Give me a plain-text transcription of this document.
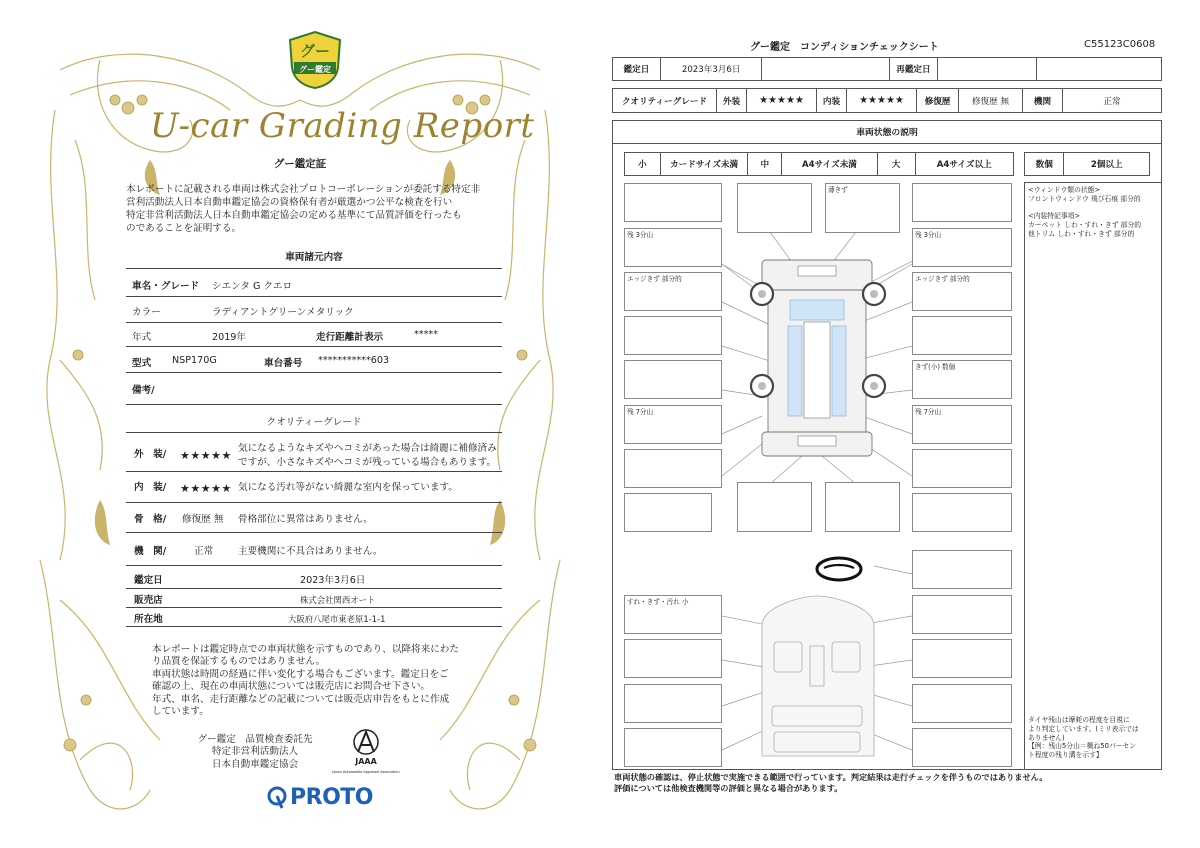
グー
グー鑑定
U-car Grading Report
グー鑑定証
本レポートに記載される車両は株式会社プロトコーポレーションが委託する特定非
営利活動法人日本自動車鑑定協会の資格保有者が厳選かつ公平な検査を行い
特定非営利活動法人日本自動車鑑定協会の定める基準にて品質評価を行ったも
のであることを証明する。
車両諸元内容
車名・グレード シエンタ G クエロ
カラー	ラディアントグリーンメタリック
年式	2019年	走行距離計表示	*****
型式 NSP170G	車台番号 ***********603
備考/
クオリティーグレード
外　装/ ★★★★★
気になるようなキズやヘコミがあった場合は綺麗に補修済み
ですが、小さなキズやヘコミが残っている場合もあります。
内　装/ ★★★★★ 気になる汚れ等がない綺麗な室内を保っています。
骨　格/ 修復歴 無 骨格部位に異常はありません。
機　関/	正常	主要機関に不具合はありません。
鑑定日	2023年3月6日
販売店	株式会社関西オート
所在地	大阪府八尾市東老原1-1-1
本レポートは鑑定時点での車両状態を示すものであり、以降将来にわた
り品質を保証するものではありません。
車両状態は時間の経過に伴い変化する場合もございます。鑑定日をご
確認の上、現在の車両状態については販売店にお問合せ下さい。
年式、車名、走行距離などの記載については販売店申告をもとに作成
しています。
グー鑑定　品質検査委託先
特定非営利活動法人
日本自動車鑑定協会	JAAA
Japan Automobile Appraisal Association
PROTO
グー鑑定　コンディションチェックシート	C55123C0608
鑑定日	2023年3月6日	再鑑定日
クオリティーグレード	外装	★★★★★	内装	★★★★★	修復歴	修復歴 無	機関	正常
車両状態の説明
小	カードサイズ未満	中	A4サイズ未満	大	A4サイズ以上	数個	2個以上
<ウィンドウ類の状態>
フロントウィンドウ 飛び石痕 部分的
<内装特記事項>
カーペット しわ・すれ・きず 部分的
他トリム しわ・すれ・きず 部分的
タイヤ残山は摩耗の程度を目視に
より判定しています。(ミリ表示では
ありません)
【例：残山5分山＝概ね50パーセン
ト程度の残り溝を示す】
残 3分山
エッジきず 部分的
残 7分山
薄きず
残 3分山
エッジきず 部分的
きず(小) 数個
残 7分山
すれ・きず・汚れ 小
車両状態の確認は、停止状態で実施できる範囲で行っています。判定結果は走行チェックを伴うものではありません。
評価については他検査機関等の評価と異なる場合があります。
